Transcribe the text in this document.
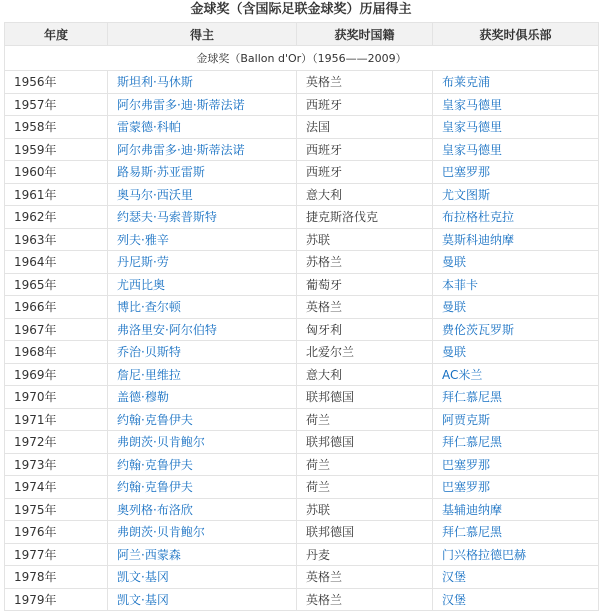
金球奖（含国际足联金球奖）历届得主
年度	得主	获奖时国籍	获奖时俱乐部
金球奖（Ballon d'Or）（1956——2009）			
1956年	斯坦利·马休斯	英格兰	布莱克浦
1957年	阿尔弗雷多·迪·斯蒂法诺	西班牙	皇家马德里
1958年	雷蒙德·科帕	法国	皇家马德里
1959年	阿尔弗雷多·迪·斯蒂法诺	西班牙	皇家马德里
1960年	路易斯·苏亚雷斯	西班牙	巴塞罗那
1961年	奥马尔·西沃里	意大利	尤文图斯
1962年	约瑟夫·马索普斯特	捷克斯洛伐克	布拉格杜克拉
1963年	列夫·雅辛	苏联	莫斯科迪纳摩
1964年	丹尼斯·劳	苏格兰	曼联
1965年	尤西比奥	葡萄牙	本菲卡
1966年	博比·查尔顿	英格兰	曼联
1967年	弗洛里安·阿尔伯特	匈牙利	费伦茨瓦罗斯
1968年	乔治·贝斯特	北爱尔兰	曼联
1969年	詹尼·里维拉	意大利	AC米兰
1970年	盖德·穆勒	联邦德国	拜仁慕尼黑
1971年	约翰·克鲁伊夫	荷兰	阿贾克斯
1972年	弗朗茨·贝肯鲍尔	联邦德国	拜仁慕尼黑
1973年	约翰·克鲁伊夫	荷兰	巴塞罗那
1974年	约翰·克鲁伊夫	荷兰	巴塞罗那
1975年	奥列格·布洛欣	苏联	基辅迪纳摩
1976年	弗朗茨·贝肯鲍尔	联邦德国	拜仁慕尼黑
1977年	阿兰·西蒙森	丹麦	门兴格拉德巴赫
1978年	凯文·基冈	英格兰	汉堡
1979年	凯文·基冈	英格兰	汉堡
